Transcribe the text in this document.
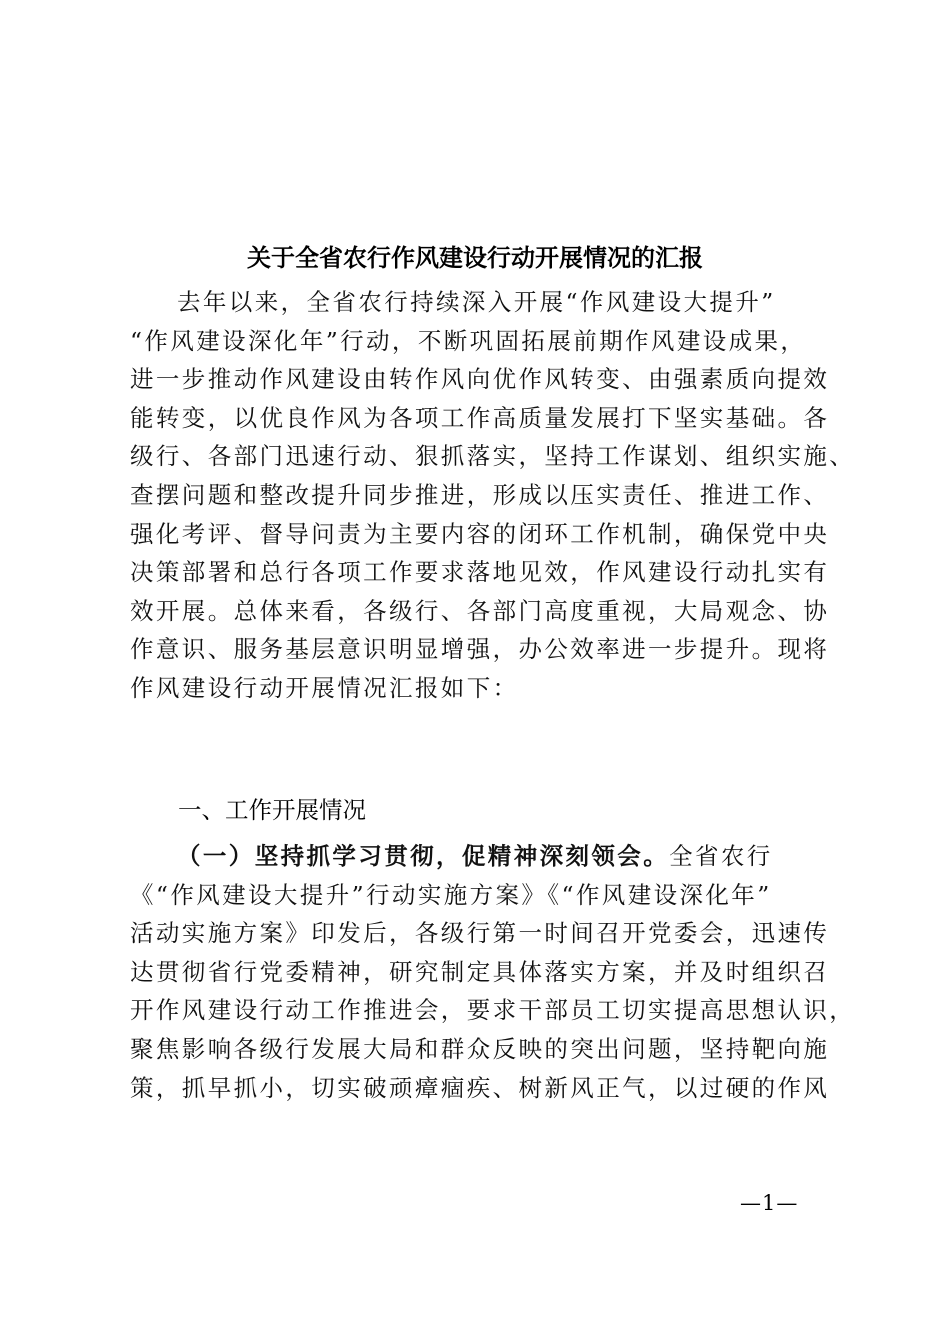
关于全省农行作风建设行动开展情况的汇报
去年以来，全省农行持续深入开展“作风建设大提升”
“作风建设深化年”行动，不断巩固拓展前期作风建设成果，
进一步推动作风建设由转作风向优作风转变、由强素质向提效
能转变，以优良作风为各项工作高质量发展打下坚实基础。各
级行、各部门迅速行动、狠抓落实，坚持工作谋划、组织实施、
查摆问题和整改提升同步推进，形成以压实责任、推进工作、
强化考评、督导问责为主要内容的闭环工作机制，确保党中央
决策部署和总行各项工作要求落地见效，作风建设行动扎实有
效开展。总体来看，各级行、各部门高度重视，大局观念、协
作意识、服务基层意识明显增强，办公效率进一步提升。现将
作风建设行动开展情况汇报如下：
一、工作开展情况
（一）坚持抓学习贯彻，促精神深刻领会。全省农行
《“作风建设大提升”行动实施方案》《“作风建设深化年”
活动实施方案》印发后，各级行第一时间召开党委会，迅速传
达贯彻省行党委精神，研究制定具体落实方案，并及时组织召
开作风建设行动工作推进会，要求干部员工切实提高思想认识，
聚焦影响各级行发展大局和群众反映的突出问题，坚持靶向施
策，抓早抓小，切实破顽瘴痼疾、树新风正气，以过硬的作风
—1—
